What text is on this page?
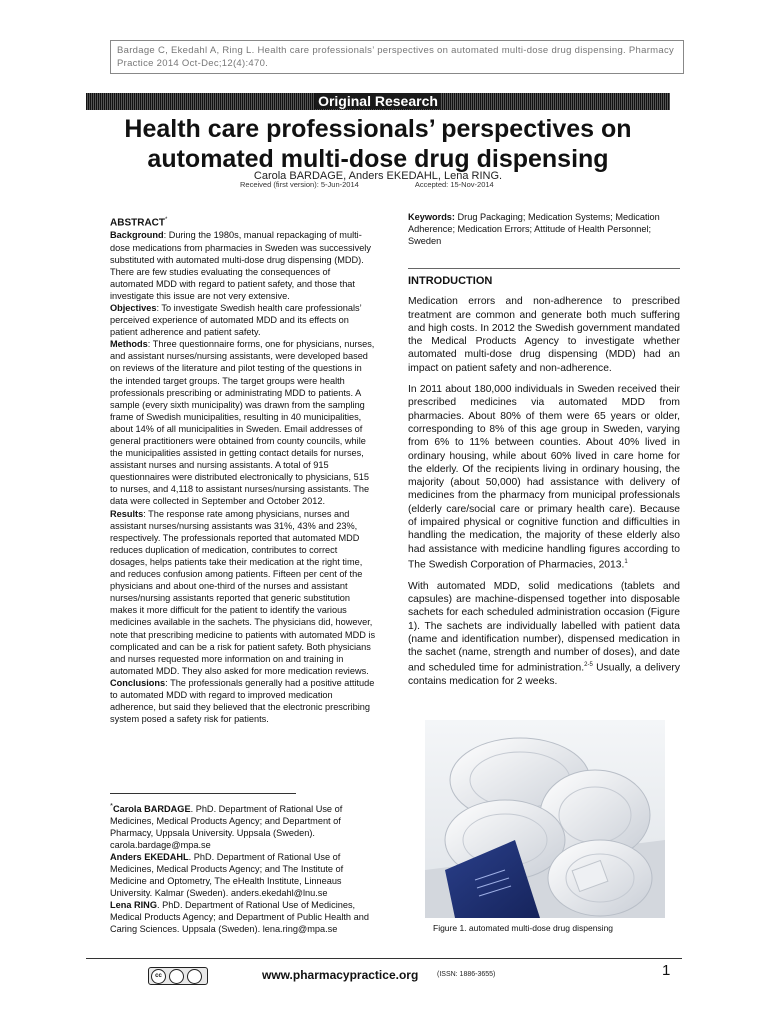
Bardage C, Ekedahl A, Ring L. Health care professionals’ perspectives on automated multi-dose drug dispensing. Pharmacy Practice 2014 Oct-Dec;12(4):470.
Original Research
Health care professionals’ perspectives on automated multi-dose drug dispensing
Carola BARDAGE, Anders EKEDAHL, Lena RING.
Received (first version): 5-Jun-2014	Accepted: 15-Nov-2014
ABSTRACT*

Background: During the 1980s, manual repackaging of multi-dose medications from pharmacies in Sweden was successively substituted with automated multi-dose drug dispensing (MDD). There are few studies evaluating the consequences of automated MDD with regard to patient safety, and those that investigate this issue are not very extensive.

Objectives: To investigate Swedish health care professionals’ perceived experience of automated MDD and its effects on patient adherence and patient safety.

Methods: Three questionnaire forms, one for physicians, nurses, and assistant nurses/nursing assistants, were developed based on reviews of the literature and pilot testing of the questions in the intended target groups. The target groups were health professionals prescribing or administrating MDD to patients. A sample (every sixth municipality) was drawn from the sampling frame of Swedish municipalities, resulting in 40 municipalities, about 14% of all municipalities in Sweden. Email addresses of general practitioners were obtained from county councils, while the municipalities assisted in getting contact details for nurses, assistant nurses and nursing assistants. A total of 915 questionnaires were distributed electronically to physicians, 515 to nurses, and 4,118 to assistant nurses/nursing assistants. The data were collected in September and October 2012.

Results: The response rate among physicians, nurses and assistant nurses/nursing assistants was 31%, 43% and 23%, respectively. The professionals reported that automated MDD reduces duplication of medication, contributes to correct dosages, helps patients take their medication at the right time, and reduces confusion among patients. Fifteen per cent of the physicians and about one-third of the nurses and assistant nurses/nursing assistants reported that generic substitution makes it more difficult for the patient to identify the various medicines available in the sachets. The physicians did, however, note that prescribing medicine to patients with automated MDD is complicated and can be a risk for patient safety. Both physicians and nurses requested more information on and training in automated MDD. They also asked for more medication reviews.

Conclusions: The professionals generally had a positive attitude to automated MDD with regard to improved medication adherence, but said they believed that the electronic prescribing system posed a safety risk for patients.

Keywords: Drug Packaging; Medication Systems; Medication Adherence; Medication Errors; Attitude of Health Personnel; Sweden

INTRODUCTION

Medication errors and non-adherence to prescribed treatment are common and generate both much suffering and high costs. In 2012 the Swedish government mandated the Medical Products Agency to investigate whether automated multi-dose drug dispensing (MDD) had an impact on patient safety and non-adherence.

In 2011 about 180,000 individuals in Sweden received their prescribed medicines via automated MDD from pharmacies. About 80% of them were 65 years or older, corresponding to 8% of this age group in Sweden, varying from 6% to 11% between counties. About 40% lived in ordinary housing, while about 60% lived in care home for the elderly. Of the recipients living in ordinary housing, the majority (about 50,000) had assistance with delivery of medicines from the pharmacy from municipal professionals (elderly care/social care or primary health care). Because of impaired physical or cognitive function and difficulties in handling the medication, the majority of these elderly also had assistance with medicine handling figures according to The Swedish Corporation of Pharmacies, 2013.$^1$

With automated MDD, solid medications (tablets and capsules) are machine-dispensed together into disposable sachets for each scheduled administration occasion (Figure 1). The sachets are individually labelled with patient data (name and identification number), dispensed medication in the sachet (name, strength and number of doses), and date and scheduled time for administration.$^{2-5}$ Usually, a delivery contains medication for 2 weeks.

Figure 1. automated multi-dose drug dispensing

*Carola BARDAGE. PhD. Department of Rational Use of Medicines, Medical Products Agency; and Department of Pharmacy, Uppsala University. Uppsala (Sweden). carola.bardage@mpa.se

Anders EKEDAHL. PhD. Department of Rational Use of Medicines, Medical Products Agency; and The Institute of Medicine and Optometry, The eHealth Institute, Linneaus University. Kalmar (Sweden). anders.ekedahl@lnu.se

Lena RING. PhD. Department of Rational Use of Medicines, Medical Products Agency; and Department of Public Health and Caring Sciences. Uppsala (Sweden). lena.ring@mpa.se

cc	www.pharmacypractice.org	(ISSN: 1886-3655)	1
